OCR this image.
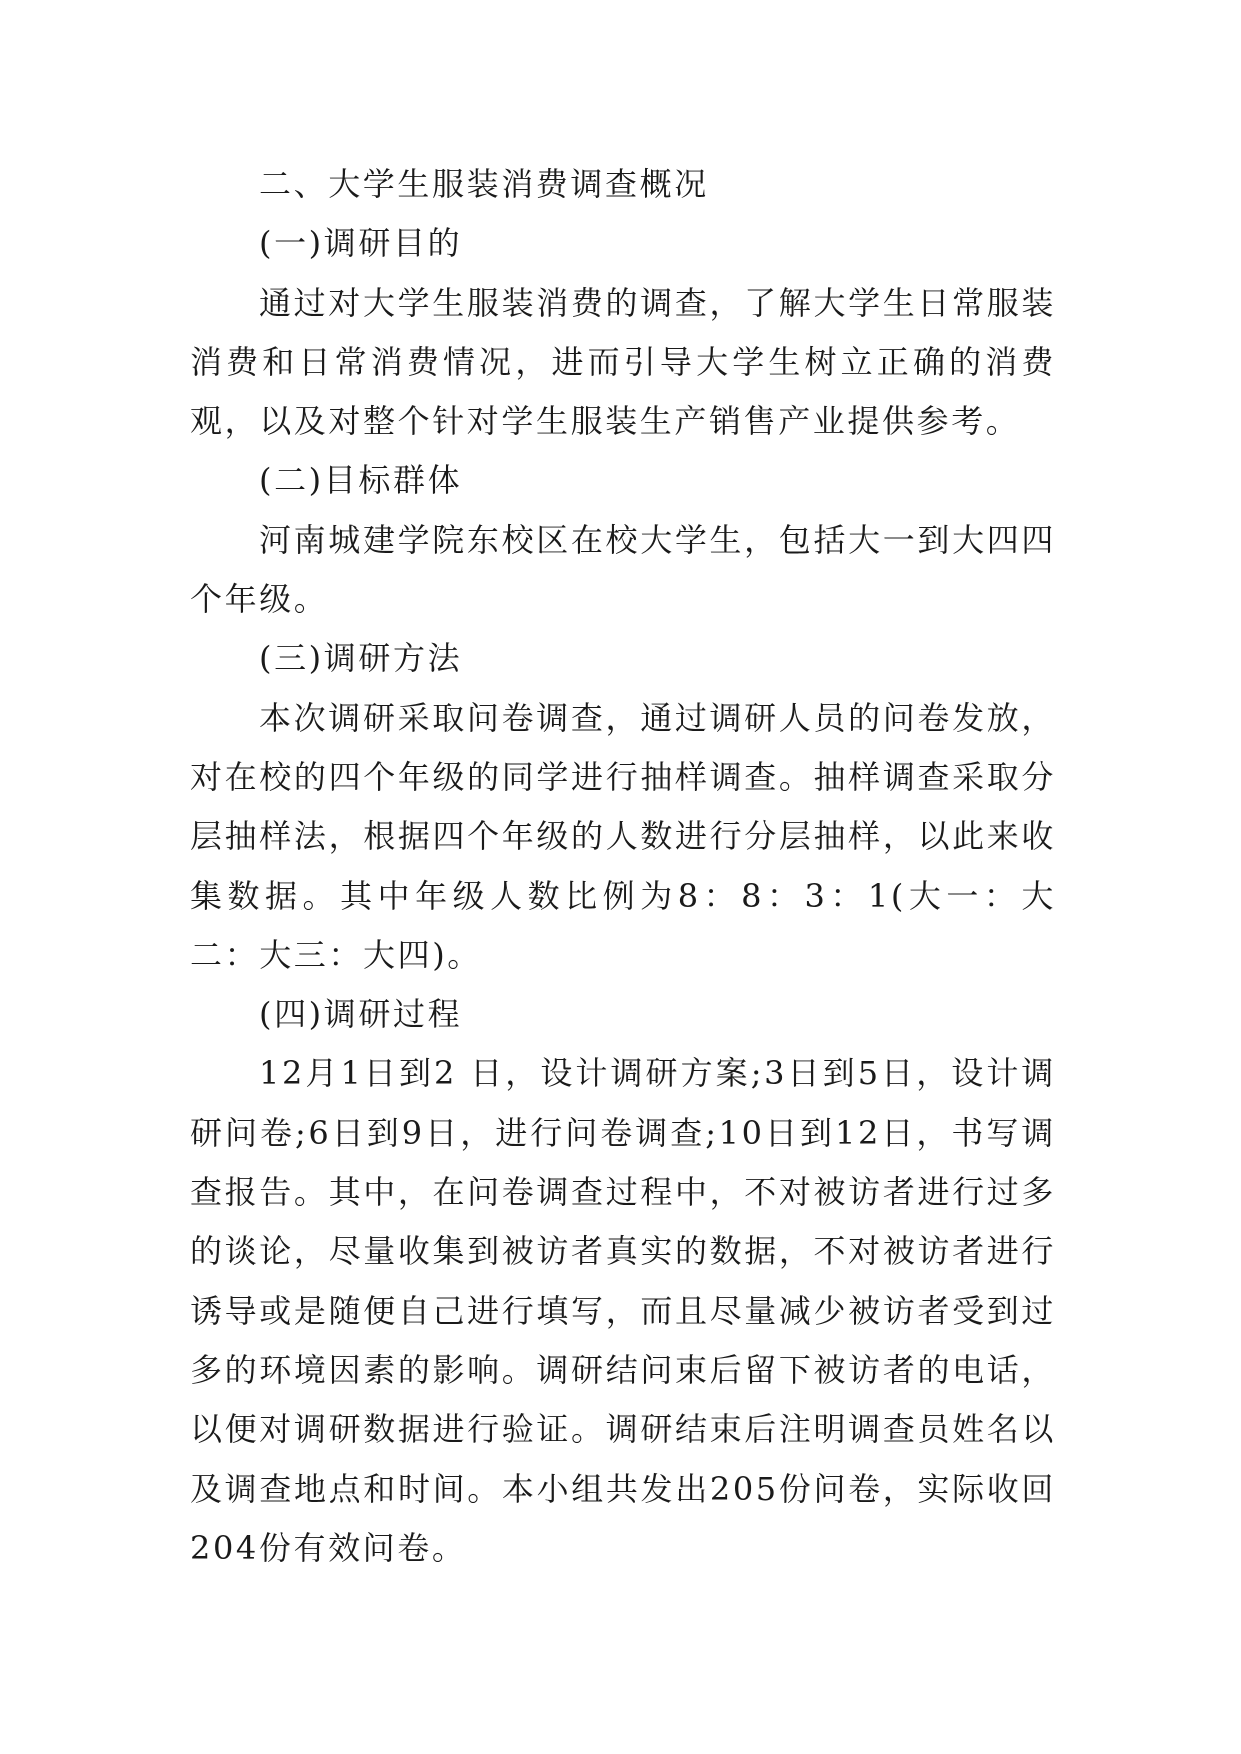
二、大学生服装消费调查概况

(一)调研目的

通过对大学生服装消费的调查，了解大学生日常服装消费和日常消费情况，进而引导大学生树立正确的消费观，以及对整个针对学生服装生产销售产业提供参考。

(二)目标群体

河南城建学院东校区在校大学生，包括大一到大四四个年级。

(三)调研方法

本次调研采取问卷调查，通过调研人员的问卷发放，对在校的四个年级的同学进行抽样调查。抽样调查采取分层抽样法，根据四个年级的人数进行分层抽样，以此来收集数据。其中年级人数比例为8：8：3：1(大一：大二：大三：大四)。

(四)调研过程

12月1日到2 日，设计调研方案;3日到5日，设计调研问卷;6日到9日，进行问卷调查;10日到12日，书写调查报告。其中，在问卷调查过程中，不对被访者进行过多的谈论，尽量收集到被访者真实的数据，不对被访者进行诱导或是随便自己进行填写，而且尽量减少被访者受到过多的环境因素的影响。调研结问束后留下被访者的电话，以便对调研数据进行验证。调研结束后注明调查员姓名以及调查地点和时间。本小组共发出205份问卷，实际收回204份有效问卷。
